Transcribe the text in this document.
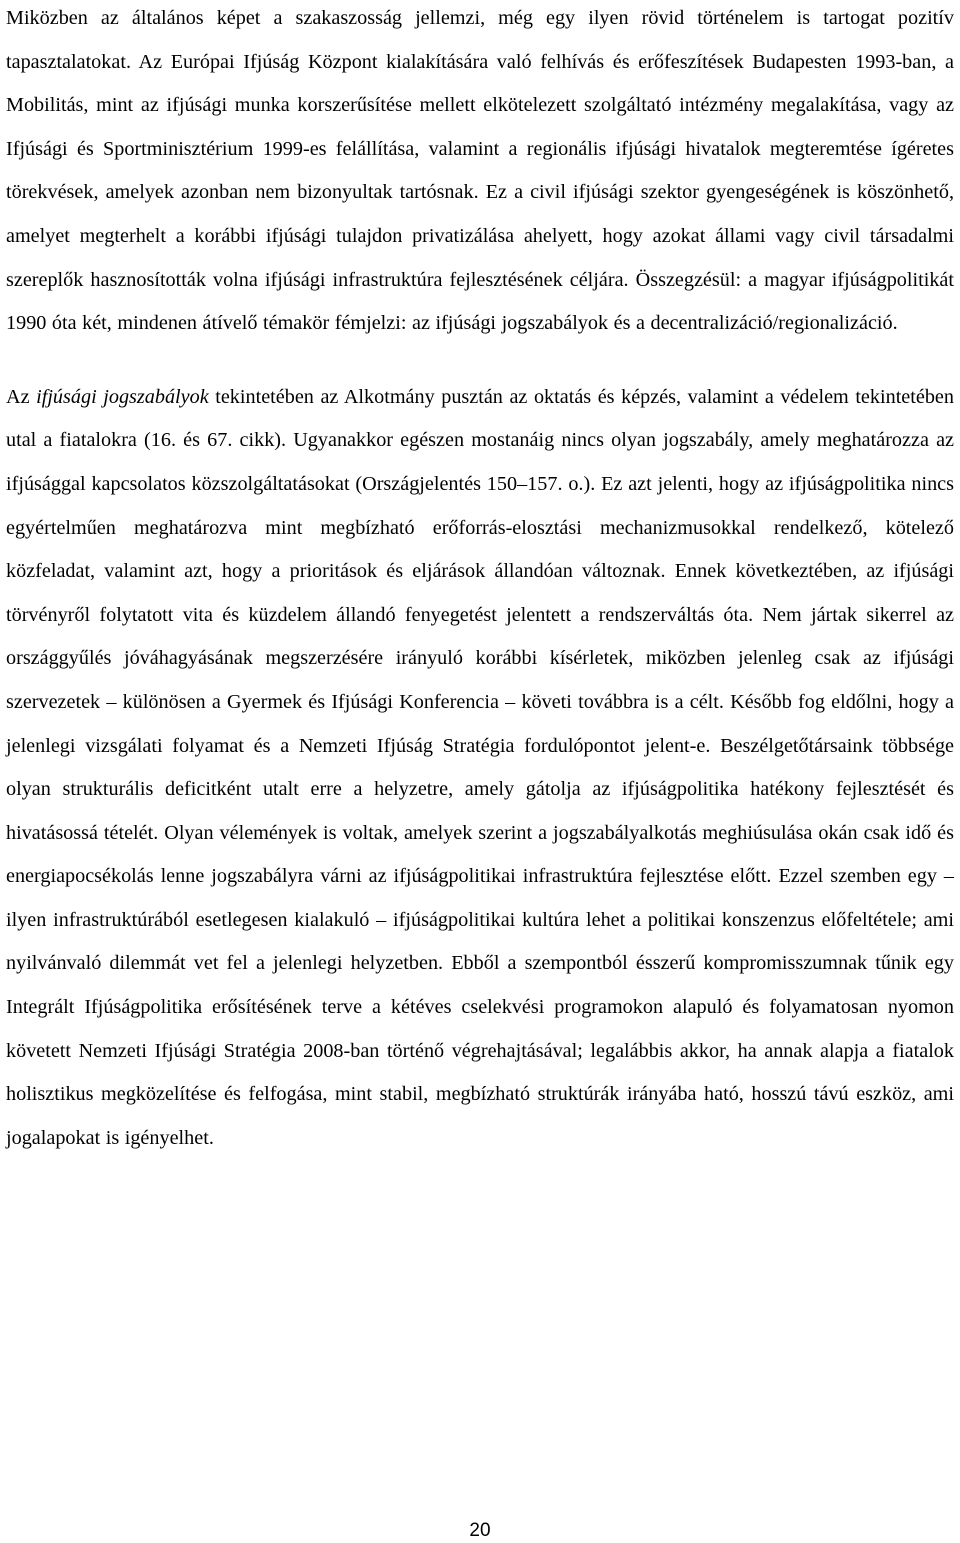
Miközben az általános képet a szakaszosság jellemzi, még egy ilyen rövid történelem is tartogat pozitív tapasztalatokat. Az Európai Ifjúság Központ kialakítására való felhívás és erőfeszítések Budapesten 1993-ban, a Mobilitás, mint az ifjúsági munka korszerűsítése mellett elkötelezett szolgáltató intézmény megalakítása, vagy az Ifjúsági és Sportminisztérium 1999-es felállítása, valamint a regionális ifjúsági hivatalok megteremtése ígéretes törekvések, amelyek azonban nem bizonyultak tartósnak. Ez a civil ifjúsági szektor gyengeségének is köszönhető, amelyet megterhelt a korábbi ifjúsági tulajdon privatizálása ahelyett, hogy azokat állami vagy civil társadalmi szereplők hasznosították volna ifjúsági infrastruktúra fejlesztésének céljára. Összegzésül: a magyar ifjúságpolitikát 1990 óta két, mindenen átívelő témakör fémjelzi: az ifjúsági jogszabályok és a decentralizáció/regionalizáció.

Az ifjúsági jogszabályok tekintetében az Alkotmány pusztán az oktatás és képzés, valamint a védelem tekintetében utal a fiatalokra (16. és 67. cikk). Ugyanakkor egészen mostanáig nincs olyan jogszabály, amely meghatározza az ifjúsággal kapcsolatos közszolgáltatásokat (Országjelentés 150–157. o.). Ez azt jelenti, hogy az ifjúságpolitika nincs egyértelműen meghatározva mint megbízható erőforrás-elosztási mechanizmusokkal rendelkező, kötelező közfeladat, valamint azt, hogy a prioritások és eljárások állandóan változnak. Ennek következtében, az ifjúsági törvényről folytatott vita és küzdelem állandó fenyegetést jelentett a rendszerváltás óta. Nem jártak sikerrel az országgyűlés jóváhagyásának megszerzésére irányuló korábbi kísérletek, miközben jelenleg csak az ifjúsági szervezetek – különösen a Gyermek és Ifjúsági Konferencia – követi továbbra is a célt. Később fog eldőlni, hogy a jelenlegi vizsgálati folyamat és a Nemzeti Ifjúság Stratégia fordulópontot jelent-e. Beszélgetőtársaink többsége olyan strukturális deficitként utalt erre a helyzetre, amely gátolja az ifjúságpolitika hatékony fejlesztését és hivatásossá tételét. Olyan vélemények is voltak, amelyek szerint a jogszabályalkotás meghiúsulása okán csak idő és energiapocsékolás lenne jogszabályra várni az ifjúságpolitikai infrastruktúra fejlesztése előtt. Ezzel szemben egy – ilyen infrastruktúrából esetlegesen kialakuló – ifjúságpolitikai kultúra lehet a politikai konszenzus előfeltétele; ami nyilvánvaló dilemmát vet fel a jelenlegi helyzetben. Ebből a szempontból ésszerű kompromisszumnak tűnik egy Integrált Ifjúságpolitika erősítésének terve a kétéves cselekvési programokon alapuló és folyamatosan nyomon követett Nemzeti Ifjúsági Stratégia 2008-ban történő végrehajtásával; legalábbis akkor, ha annak alapja a fiatalok holisztikus megközelítése és felfogása, mint stabil, megbízható struktúrák irányába ható, hosszú távú eszköz, ami jogalapokat is igényelhet.

20
